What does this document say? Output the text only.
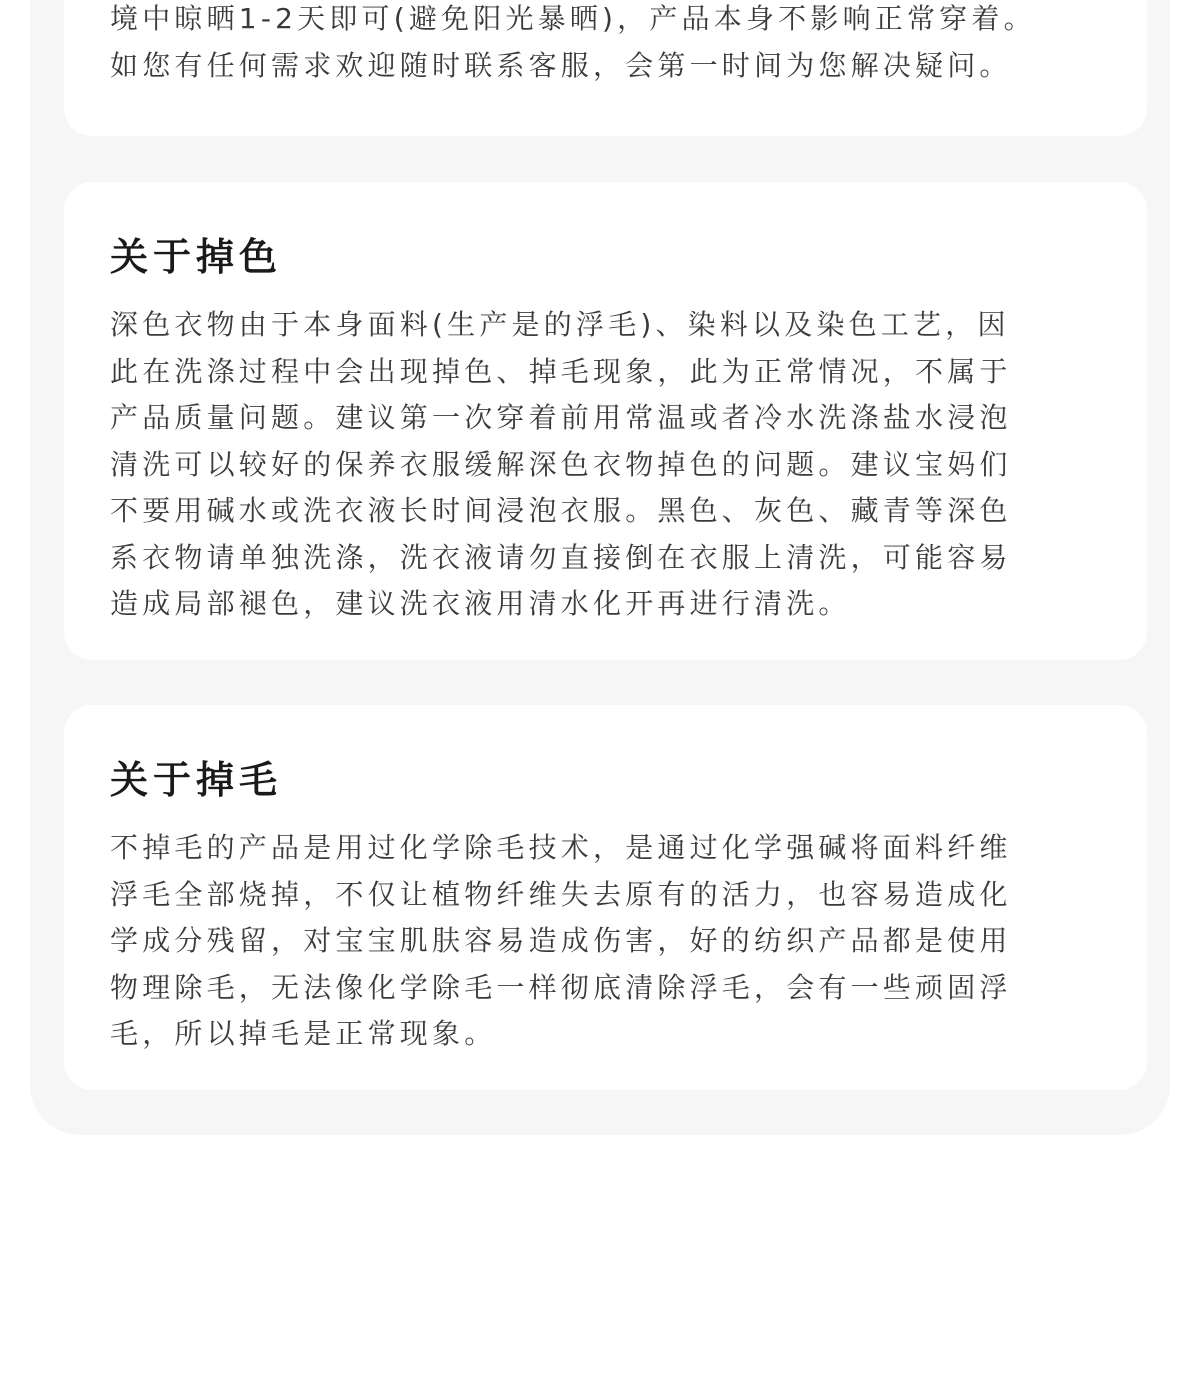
境中晾晒1-2天即可(避免阳光暴晒)，产品本身不影响正常穿着。
如您有任何需求欢迎随时联系客服，会第一时间为您解决疑问。
关于掉色
深色衣物由于本身面料(生产是的浮毛)、染料以及染色工艺，因
此在洗涤过程中会出现掉色、掉毛现象，此为正常情况，不属于
产品质量问题。建议第一次穿着前用常温或者冷水洗涤盐水浸泡
清洗可以较好的保养衣服缓解深色衣物掉色的问题。建议宝妈们
不要用碱水或洗衣液长时间浸泡衣服。黑色、灰色、藏青等深色
系衣物请单独洗涤，洗衣液请勿直接倒在衣服上清洗，可能容易
造成局部褪色，建议洗衣液用清水化开再进行清洗。
关于掉毛
不掉毛的产品是用过化学除毛技术，是通过化学强碱将面料纤维
浮毛全部烧掉，不仅让植物纤维失去原有的活力，也容易造成化
学成分残留，对宝宝肌肤容易造成伤害，好的纺织产品都是使用
物理除毛，无法像化学除毛一样彻底清除浮毛，会有一些顽固浮
毛，所以掉毛是正常现象。
